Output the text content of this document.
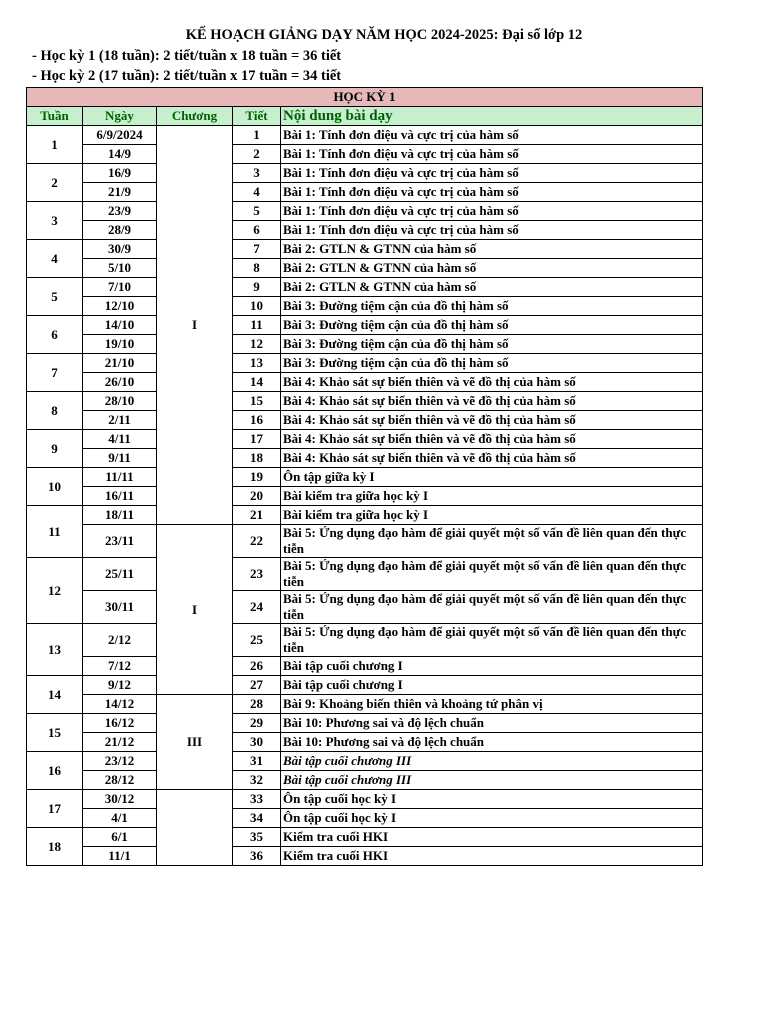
KẾ HOẠCH GIẢNG DẠY NĂM HỌC 2024-2025: Đại số lớp 12
- Học kỳ 1 (18 tuần): 2 tiết/tuần x 18 tuần = 36 tiết
- Học kỳ 2 (17 tuần): 2 tiết/tuần x 17 tuần = 34 tiết
HỌC KỲ 1				
Tuần	Ngày	Chương	Tiết	Nội dung bài dạy
1	6/9/2024	I	1	Bài 1: Tính đơn điệu và cực trị của hàm số
	14/9		2	Bài 1: Tính đơn điệu và cực trị của hàm số
2	16/9		3	Bài 1: Tính đơn điệu và cực trị của hàm số
	21/9		4	Bài 1: Tính đơn điệu và cực trị của hàm số
3	23/9		5	Bài 1: Tính đơn điệu và cực trị của hàm số
	28/9		6	Bài 1: Tính đơn điệu và cực trị của hàm số
4	30/9		7	Bài 2: GTLN & GTNN của hàm số
	5/10		8	Bài 2: GTLN & GTNN của hàm số
5	7/10		9	Bài 2: GTLN & GTNN của hàm số
	12/10		10	Bài 3: Đường tiệm cận của đồ thị hàm số
6	14/10		11	Bài 3: Đường tiệm cận của đồ thị hàm số
	19/10		12	Bài 3: Đường tiệm cận của đồ thị hàm số
7	21/10		13	Bài 3: Đường tiệm cận của đồ thị hàm số
	26/10		14	Bài 4: Khảo sát sự biến thiên và vẽ đồ thị của hàm số
8	28/10		15	Bài 4: Khảo sát sự biến thiên và vẽ đồ thị của hàm số
	2/11		16	Bài 4: Khảo sát sự biến thiên và vẽ đồ thị của hàm số
9	4/11		17	Bài 4: Khảo sát sự biến thiên và vẽ đồ thị của hàm số
	9/11		18	Bài 4: Khảo sát sự biến thiên và vẽ đồ thị của hàm số
10	11/11		19	Ôn tập giữa kỳ I
	16/11		20	Bài kiểm tra giữa học kỳ I
11	18/11		21	Bài kiểm tra giữa học kỳ I
	23/11	I	22	Bài 5: Ứng dụng đạo hàm để giải quyết một số vấn đề liên quan đến thực tiễn
12	25/11		23	Bài 5: Ứng dụng đạo hàm để giải quyết một số vấn đề liên quan đến thực tiễn
	30/11		24	Bài 5: Ứng dụng đạo hàm để giải quyết một số vấn đề liên quan đến thực tiễn
13	2/12		25	Bài 5: Ứng dụng đạo hàm để giải quyết một số vấn đề liên quan đến thực tiễn
	7/12		26	Bài tập cuối chương I
14	9/12		27	Bài tập cuối chương I
	14/12	III	28	Bài 9: Khoảng biến thiên và khoảng tứ phân vị
15	16/12		29	Bài 10: Phương sai và độ lệch chuẩn
	21/12		30	Bài 10: Phương sai và độ lệch chuẩn
16	23/12		31	Bài tập cuối chương III
	28/12		32	Bài tập cuối chương III
17	30/12		33	Ôn tập cuối học kỳ I
	4/1		34	Ôn tập cuối học kỳ I
18	6/1		35	Kiểm tra cuối HKI
	11/1		36	Kiểm tra cuối HKI
